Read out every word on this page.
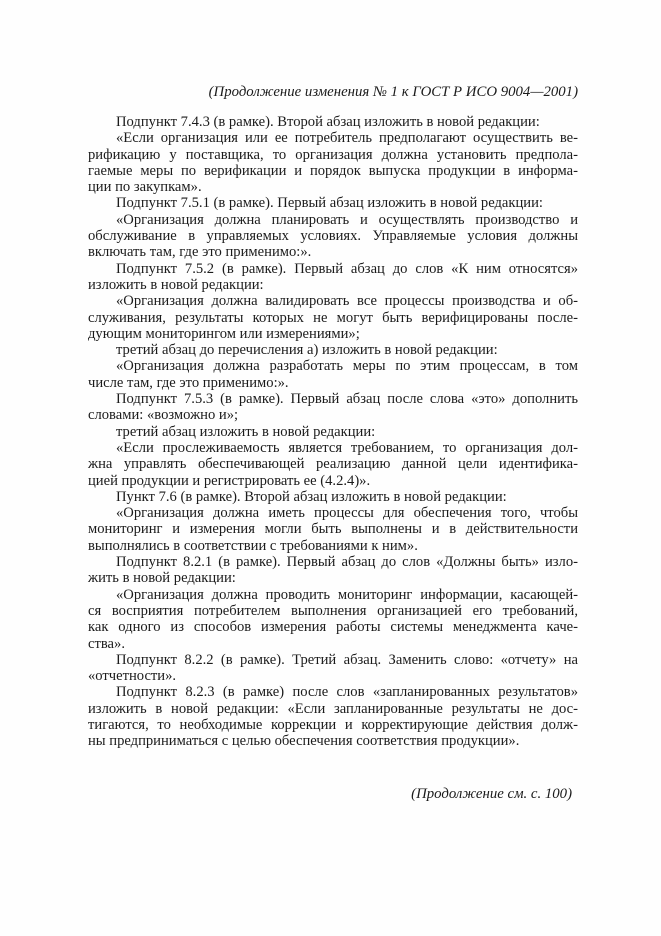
(Продолжение изменения № 1 к ГОСТ Р ИСО 9004—2001)
Подпункт 7.4.3 (в рамке). Второй абзац изложить в новой редакции:
«Если организация или ее потребитель предполагают осуществить ве-
рификацию у поставщика, то организация должна установить предпола-
гаемые меры по верификации и порядок выпуска продукции в информа-
ции по закупкам».
Подпункт 7.5.1 (в рамке). Первый абзац изложить в новой редакции:
«Организация должна планировать и осуществлять производство и
обслуживание в управляемых условиях. Управляемые условия должны
включать там, где это применимо:».
Подпункт 7.5.2 (в рамке). Первый абзац до слов «К ним относятся»
изложить в новой редакции:
«Организация должна валидировать все процессы производства и об-
служивания, результаты которых не могут быть верифицированы после-
дующим мониторингом или измерениями»;
третий абзац до перечисления а) изложить в новой редакции:
«Организация должна разработать меры по этим процессам, в том
числе там, где это применимо:».
Подпункт 7.5.3 (в рамке). Первый абзац после слова «это» дополнить
словами: «возможно и»;
третий абзац изложить в новой редакции:
«Если прослеживаемость является требованием, то организация дол-
жна управлять обеспечивающей реализацию данной цели идентифика-
цией продукции и регистрировать ее (4.2.4)».
Пункт 7.6 (в рамке). Второй абзац изложить в новой редакции:
«Организация должна иметь процессы для обеспечения того, чтобы
мониторинг и измерения могли быть выполнены и в действительности
выполнялись в соответствии с требованиями к ним».
Подпункт 8.2.1 (в рамке). Первый абзац до слов «Должны быть» изло-
жить в новой редакции:
«Организация должна проводить мониторинг информации, касающей-
ся восприятия потребителем выполнения организацией его требований,
как одного из способов измерения работы системы менеджмента каче-
ства».
Подпункт 8.2.2 (в рамке). Третий абзац. Заменить слово: «отчету» на
«отчетности».
Подпункт 8.2.3 (в рамке) после слов «запланированных результатов»
изложить в новой редакции: «Если запланированные результаты не дос-
тигаются, то необходимые коррекции и корректирующие действия долж-
ны предприниматься с целью обеспечения соответствия продукции».
(Продолжение см. с. 100)
